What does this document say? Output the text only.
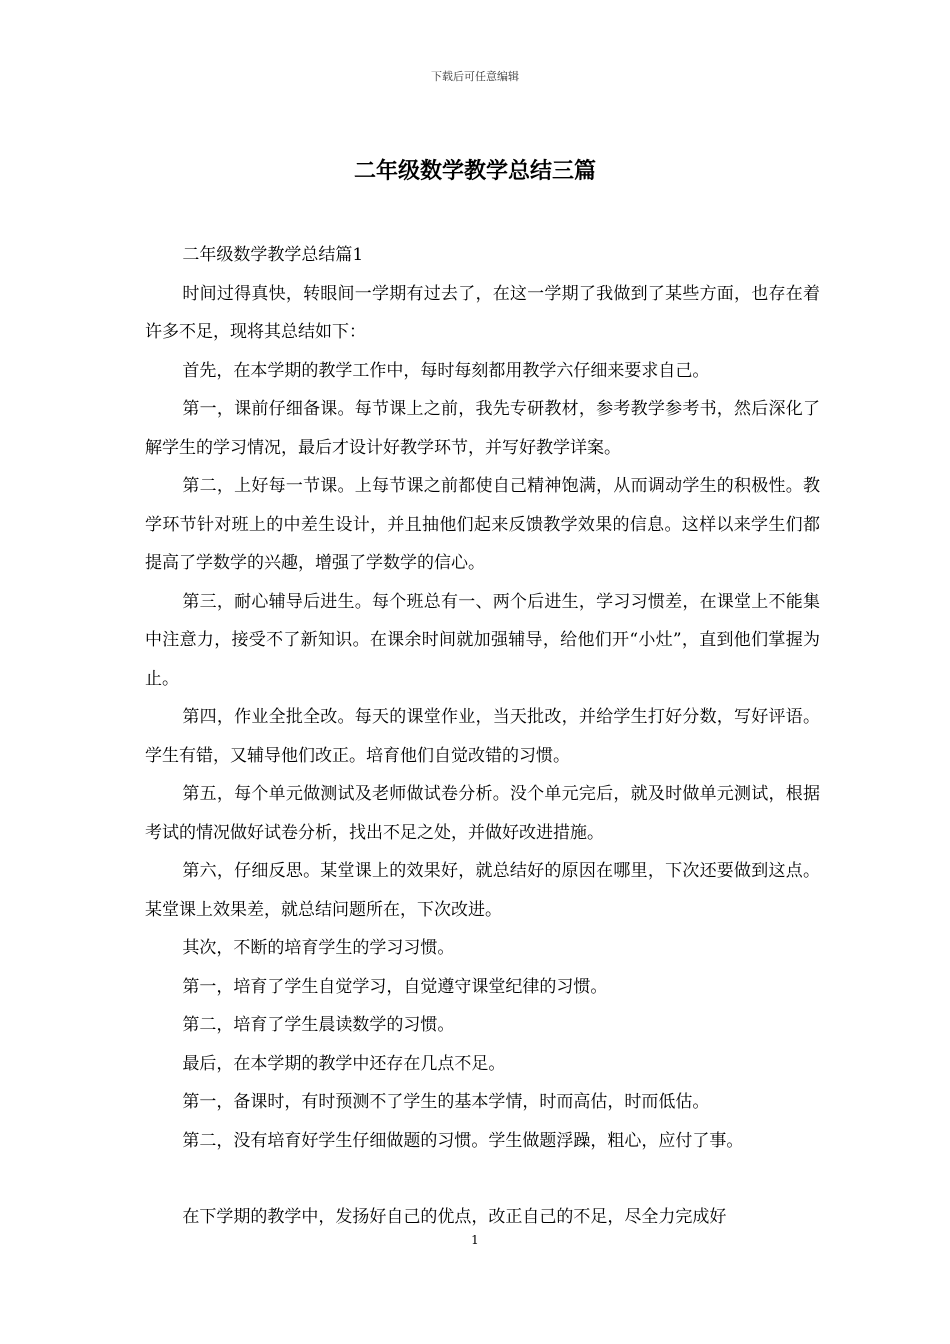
下载后可任意编辑
二年级数学教学总结三篇

二年级数学教学总结篇1

时间过得真快，转眼间一学期有过去了，在这一学期了我做到了某些方面，也存在着许多不足，现将其总结如下：

首先，在本学期的教学工作中，每时每刻都用教学六仔细来要求自己。

第一，课前仔细备课。每节课上之前，我先专研教材，参考教学参考书，然后深化了解学生的学习情况，最后才设计好教学环节，并写好教学详案。

第二，上好每一节课。上每节课之前都使自己精神饱满，从而调动学生的积极性。教学环节针对班上的中差生设计，并且抽他们起来反馈教学效果的信息。这样以来学生们都提高了学数学的兴趣，增强了学数学的信心。

第三，耐心辅导后进生。每个班总有一、两个后进生，学习习惯差，在课堂上不能集中注意力，接受不了新知识。在课余时间就加强辅导，给他们开“小灶”，直到他们掌握为止。

第四，作业全批全改。每天的课堂作业，当天批改，并给学生打好分数，写好评语。学生有错，又辅导他们改正。培育他们自觉改错的习惯。

第五，每个单元做测试及老师做试卷分析。没个单元完后，就及时做单元测试，根据考试的情况做好试卷分析，找出不足之处，并做好改进措施。

第六，仔细反思。某堂课上的效果好，就总结好的原因在哪里，下次还要做到这点。某堂课上效果差，就总结问题所在，下次改进。

其次，不断的培育学生的学习习惯。

第一，培育了学生自觉学习，自觉遵守课堂纪律的习惯。

第二，培育了学生晨读数学的习惯。

最后，在本学期的教学中还存在几点不足。

第一，备课时，有时预测不了学生的基本学情，时而高估，时而低估。

第二，没有培育好学生仔细做题的习惯。学生做题浮躁，粗心，应付了事。

在下学期的教学中，发扬好自己的优点，改正自己的不足，尽全力完成好

1
